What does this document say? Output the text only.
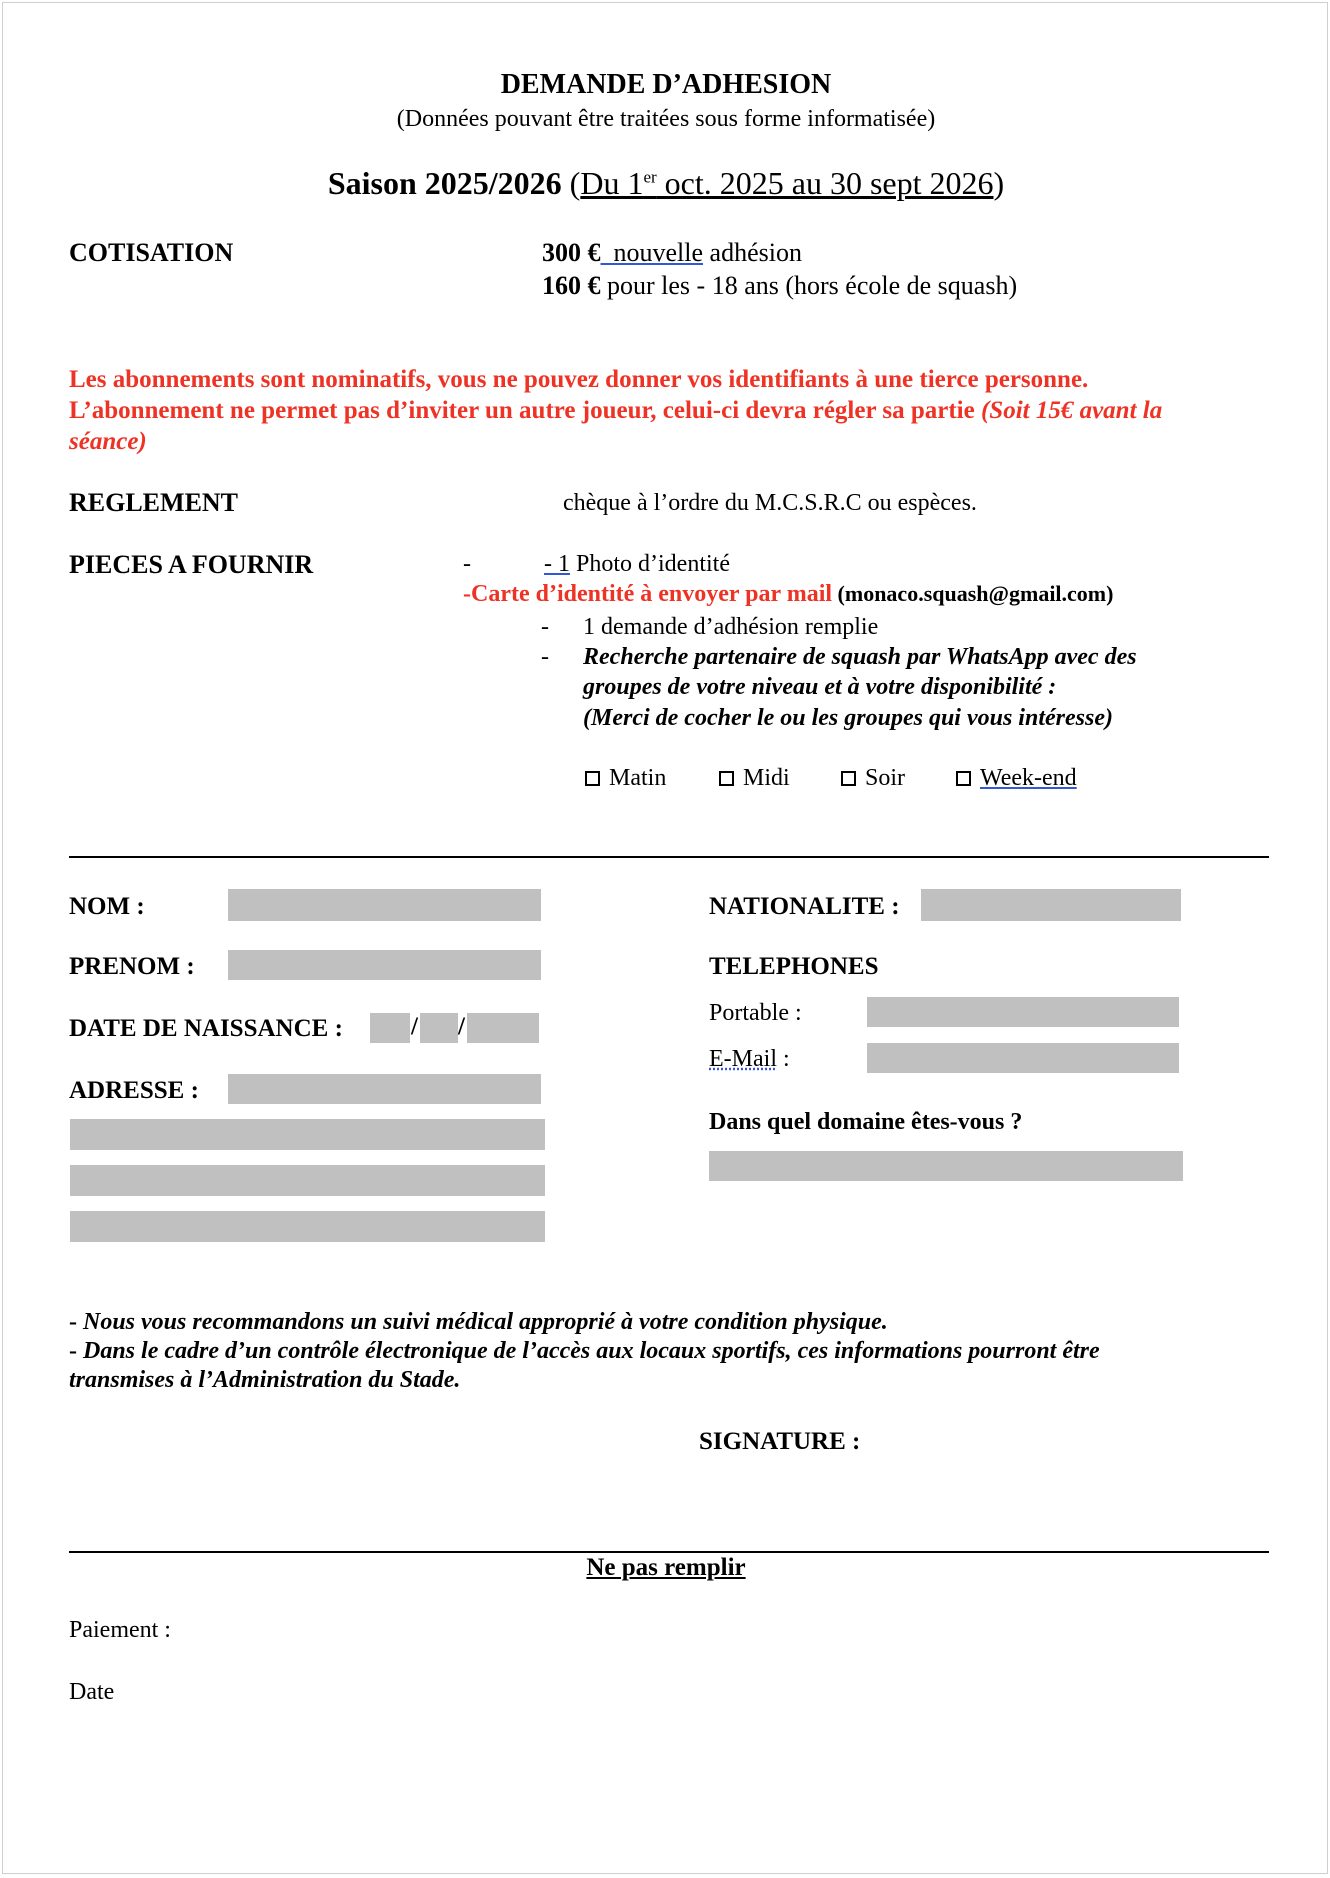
DEMANDE D’ADHESION
(Données pouvant être traitées sous forme informatisée)
Saison 2025/2026 (Du 1er oct. 2025 au 30 sept 2026)
COTISATION	300 €  nouvelle adhésion
160 € pour les - 18 ans (hors école de squash)
Les abonnements sont nominatifs, vous ne pouvez donner vos identifiants à une tierce personne.
L’abonnement ne permet pas d’inviter un autre joueur, celui-ci devra régler sa partie (Soit 15€ avant la
séance)
REGLEMENT	chèque à l’ordre du M.C.S.R.C ou espèces.
PIECES A FOURNIR	-	- 1 Photo d’identité
-Carte d’identité à envoyer par mail (monaco.squash@gmail.com)
- 1 demande d’adhésion remplie
- Recherche partenaire de squash par WhatsApp avec des
groupes de votre niveau et à votre disponibilité :
(Merci de cocher le ou les groupes qui vous intéresse)
Matin	Midi	Soir	Week-end
NOM :
PRENOM :
DATE DE NAISSANCE :	/ /
ADRESSE :
NATIONALITE :
TELEPHONES
Portable :
E-Mail :
Dans quel domaine êtes-vous ?
- Nous vous recommandons un suivi médical approprié à votre condition physique.
- Dans le cadre d’un contrôle électronique de l’accès aux locaux sportifs, ces informations pourront être
transmises à l’Administration du Stade.
SIGNATURE :
Ne pas remplir
Paiement :
Date
